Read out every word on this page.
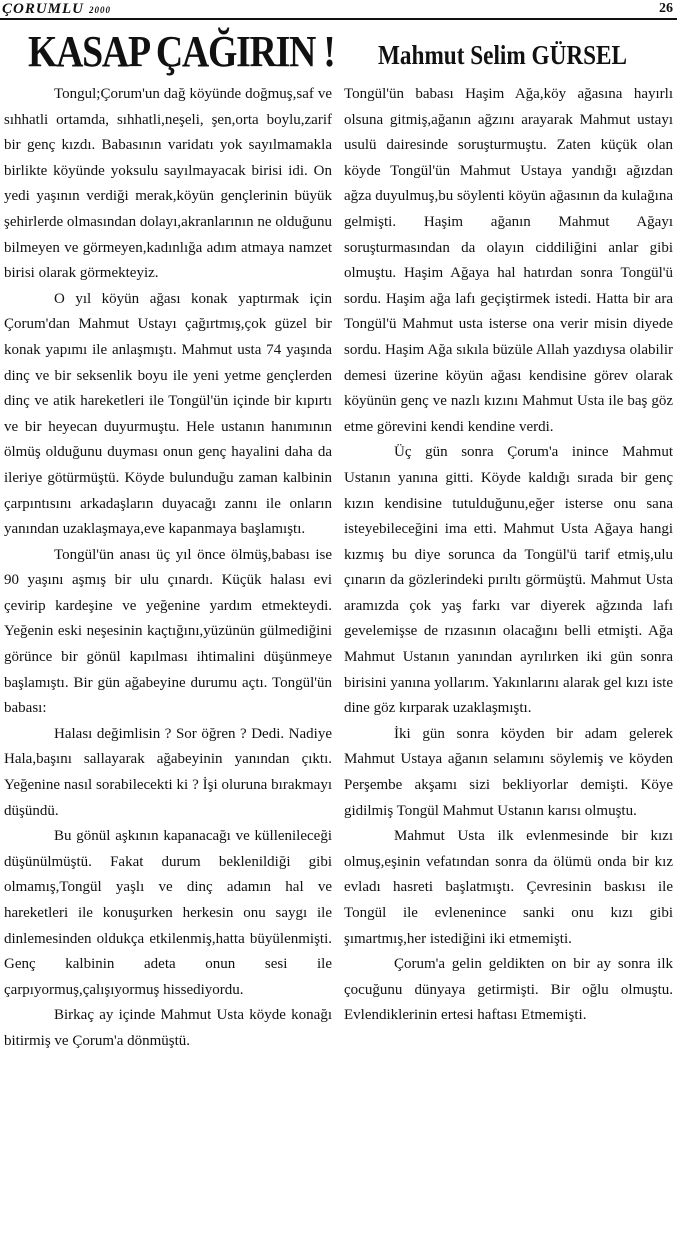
ÇORUMLU 2000	26
KASAP ÇAĞIRIN ! Mahmut Selim GÜRSEL

Tongul;Çorum'un dağ köyünde doğmuş,saf ve sıhhatli ortamda, sıhhatli,neşeli, şen,orta boylu,zarif bir genç kızdı. Babasının varidatı yok sayılmamakla birlikte köyünde yoksulu sayılmayacak birisi idi. On yedi yaşının verdiği merak,köyün gençlerinin büyük şehirlerde olmasından dolayı,akranlarının ne olduğunu bilmeyen ve görmeyen,kadınlığa adım atmaya namzet birisi olarak görmekteyiz.

O yıl köyün ağası konak yaptırmak için Çorum'dan Mahmut Ustayı çağırtmış,çok güzel bir konak yapımı ile anlaşmıştı. Mahmut usta 74 yaşında dinç ve bir seksenlik boyu ile yeni yetme gençlerden dinç ve atik hareketleri ile Tongül'ün içinde bir kıpırtı ve bir heyecan duyurmuştu. Hele ustanın hanımının ölmüş olduğunu duyması onun genç hayalini daha da ileriye götürmüştü. Köyde bulunduğu zaman kalbinin çarpıntısını arkadaşların duyacağı zannı ile onların yanından uzaklaşmaya,eve kapanmaya başlamıştı.

Tongül'ün anası üç yıl önce ölmüş,babası ise 90 yaşını aşmış bir ulu çınardı. Küçük halası evi çevirip kardeşine ve yeğenine yardım etmekteydi. Yeğenin eski neşesinin kaçtığını,yüzünün gülmediğini görünce bir gönül kapılması ihtimalini düşünmeye başlamıştı. Bir gün ağabeyine durumu açtı. Tongül'ün babası:

Halası değimlisin ? Sor öğren ? Dedi. Nadiye Hala,başını sallayarak ağabeyinin yanından çıktı. Yeğenine nasıl sorabilecekti ki ? İşi oluruna bırakmayı düşündü.

Bu gönül aşkının kapanacağı ve küllenileceği düşünülmüştü. Fakat durum beklenildiği gibi olmamış,Tongül yaşlı ve dinç adamın hal ve hareketleri ile konuşurken herkesin onu saygı ile dinlemesinden oldukça etkilenmiş,hatta büyülenmişti. Genç kalbinin adeta onun sesi ile çarpıyormuş,çalışıyormuş hissediyordu.

Birkaç ay içinde Mahmut Usta köyde konağı bitirmiş ve Çorum'a dönmüştü.

Tongül'ün babası Haşim Ağa,köy ağasına hayırlı olsuna gitmiş,ağanın ağzını arayarak Mahmut ustayı usulü dairesinde soruşturmuştu. Zaten küçük olan köyde Tongül'ün Mahmut Ustaya yandığı ağızdan ağza duyulmuş,bu söylenti köyün ağasının da kulağına gelmişti. Haşim ağanın Mahmut Ağayı soruşturmasından da olayın ciddiliğini anlar gibi olmuştu. Haşim Ağaya hal hatırdan sonra Tongül'ü sordu. Haşim ağa lafı geçiştirmek istedi. Hatta bir ara Tongül'ü Mahmut usta isterse ona verir misin diyede sordu. Haşim Ağa sıkıla büzüle Allah yazdıysa olabilir demesi üzerine köyün ağası kendisine görev olarak köyünün genç ve nazlı kızını Mahmut Usta ile baş göz etme görevini kendi kendine verdi.

Üç gün sonra Çorum'a inince Mahmut Ustanın yanına gitti. Köyde kaldığı sırada bir genç kızın kendisine tutulduğunu,eğer isterse onu sana isteyebileceğini ima etti. Mahmut Usta Ağaya hangi kızmış bu diye sorunca da Tongül'ü tarif etmiş,ulu çınarın da gözlerindeki pırıltı görmüştü. Mahmut Usta aramızda çok yaş farkı var diyerek ağzında lafı gevelemişse de rızasının olacağını belli etmişti. Ağa Mahmut Ustanın yanından ayrılırken iki gün sonra birisini yanına yollarım. Yakınlarını alarak gel kızı iste dine göz kırparak uzaklaşmıştı.

İki gün sonra köyden bir adam gelerek Mahmut Ustaya ağanın selamını söylemiş ve köyden Perşembe akşamı sizi bekliyorlar demişti. Köye gidilmiş Tongül Mahmut Ustanın karısı olmuştu.

Mahmut Usta ilk evlenmesinde bir kızı olmuş,eşinin vefatından sonra da ölümü onda bir kız evladı hasreti başlatmıştı. Çevresinin baskısı ile Tongül ile evlenenince sanki onu kızı gibi şımartmış,her istediğini iki etmemişti.

Çorum'a gelin geldikten on bir ay sonra ilk çocuğunu dünyaya getirmişti. Bir oğlu olmuştu. Evlendiklerinin ertesi haftası Etmemişti.
